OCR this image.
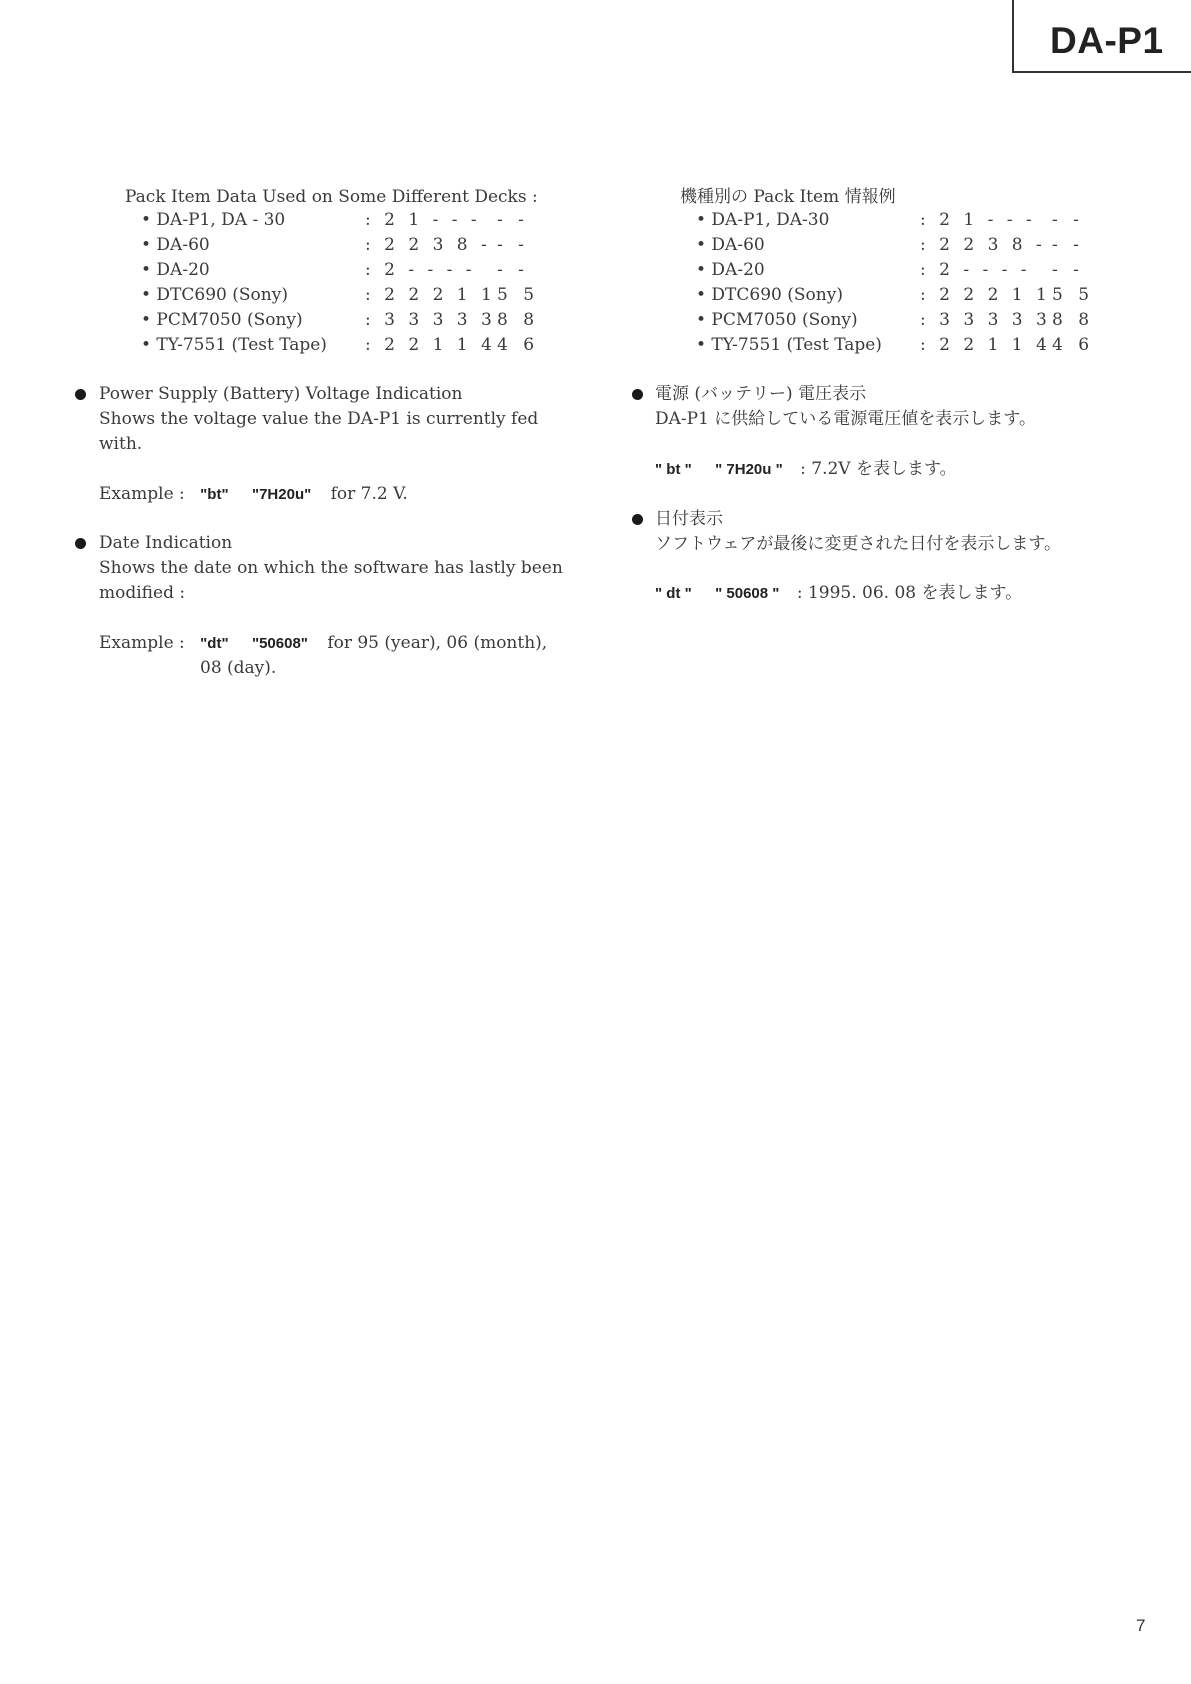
DA-P1
Pack Item Data Used on Some Different Decks :
• DA-P1, DA - 30	: 2 1 - - - - -
• DA-60	: 2 2 3 8 - - -
• DA-20	: 2 - - - - - -
• DTC690 (Sony)	: 2 2 2 1 1 5 5
• PCM7050 (Sony)	: 3 3 3 3 3 8 8
• TY-7551 (Test Tape) : 2 2 1 1 4 4 6
Power Supply (Battery) Voltage Indication
Shows the voltage value the DA-P1 is currently fed
with.
Example : "bt" "7H20u" for 7.2 V.
Date Indication
Shows the date on which the software has lastly been
modified :
Example : "dt" "50608" for 95 (year), 06 (month),
08 (day).
機種別の Pack Item 情報例
• DA-P1, DA-30	: 2 1 - - - - -
• DA-60	: 2 2 3 8 - - -
• DA-20	: 2 - - - - - -
• DTC690 (Sony)	: 2 2 2 1 1 5 5
• PCM7050 (Sony)	: 3 3 3 3 3 8 8
• TY-7551 (Test Tape) : 2 2 1 1 4 4 6
電源 (バッテリー) 電圧表示
DA-P1 に供給している電源電圧値を表示します。
" bt " " 7H20u " : 7.2V を表します。
日付表示
ソフトウェアが最後に変更された日付を表示します。
" dt " " 50608 " : 1995. 06. 08 を表します。
7
